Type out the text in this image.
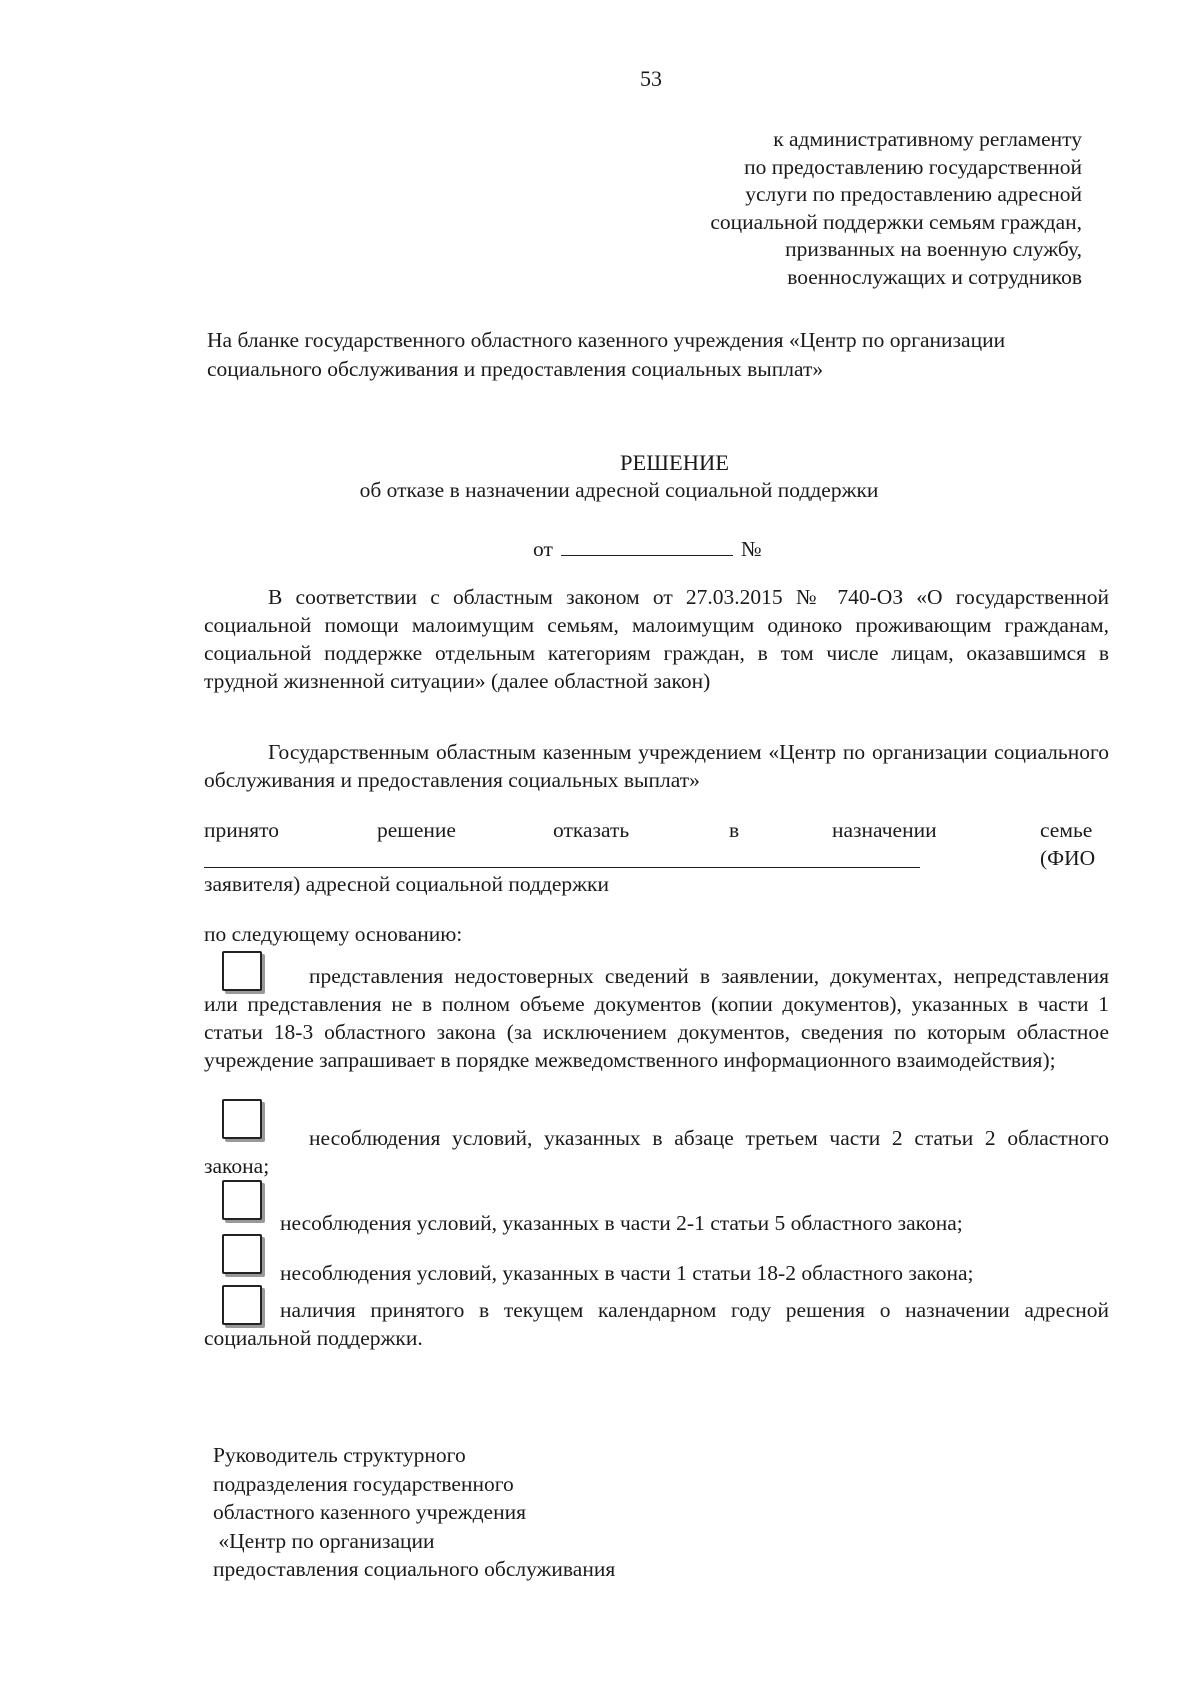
53
к административному регламенту
по предоставлению государственной
услуги по предоставлению адресной
социальной поддержки семьям граждан,
призванных на военную службу,
военнослужащих и сотрудников
На бланке государственного областного казенного учреждения «Центр по организации социального обслуживания и предоставления социальных выплат»
РЕШЕНИЕ
об отказе в назначении адресной социальной поддержки
от	№
В соответствии с областным законом от 27.03.2015 № 740-ОЗ «О государственной социальной помощи малоимущим семьям, малоимущим одиноко проживающим гражданам, социальной поддержке отдельным категориям граждан, в том числе лицам, оказавшимся в трудной жизненной ситуации» (далее областной закон)
Государственным областным казенным учреждением «Центр по организации социального обслуживания и предоставления социальных выплат»
принято	решение	отказать	в	назначении	семье
(ФИО
заявителя) адресной социальной поддержки
по следующему основанию:
представления недостоверных сведений в заявлении, документах, непредставления или представления не в полном объеме документов (копии документов), указанных в части 1 статьи 18-3 областного закона (за исключением документов, сведения по которым областное учреждение запрашивает в порядке межведомственного информационного взаимодействия);
несоблюдения условий, указанных в абзаце третьем части 2 статьи 2 областного закона;
несоблюдения условий, указанных в части 2-1 статьи 5 областного закона;
несоблюдения условий, указанных в части 1 статьи 18-2 областного закона;
наличия принятого в текущем календарном году решения о назначении адресной социальной поддержки.
Руководитель структурного
подразделения государственного
областного казенного учреждения
«Центр по организации
предоставления социального обслуживания
